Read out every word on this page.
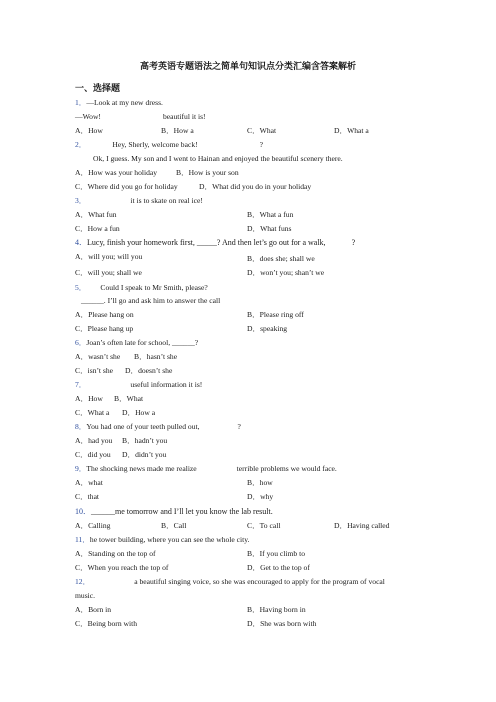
高考英语专题语法之简单句知识点分类汇编含答案解析
一、选择题
1．—Look at my new dress.
—Wow!	beautiful it is!
A．How	B．How a	C．What	D．What a
2．	Hey, Sherly, welcome back!	?
Ok, I guess. My son and I went to Hainan and enjoyed the beautiful scenery there.
A．How was your holiday B．How is your son
C．Where did you go for holiday	D．What did you do in your holiday
3．	it is to skate on real ice!
A．What fun	B．What a fun
C．How a fun	D．What funs
4．Lucy, finish your homework first, _____? And then let’s go out for a walk,	?
A．will you; will you	B．does she; shall we
C．will you; shall we	D．won’t you; shan’t we
5． Could I speak to Mr Smith, please?
______. I’ll go and ask him to answer the call
A．Please hang on	B．Please ring off
C．Please hang up	D．speaking
6．Joan’s often late for school, ______?
A．wasn’t she B．hasn’t she
C．isn’t she D．doesn’t she
7．	useful information it is!
A．How B．What
C．What a D．How a
8．You had one of your teeth pulled out,	?
A．had you B．hadn’t you
C．did you D．didn’t you
9．The shocking news made me realize	terrible problems we would face.
A．what	B．how
C．that	D．why
10．______me tomorrow and I’ll let you know the lab result.
A．Calling	B．Call	C．To call	D．Having called
11．he tower building, where you can see the whole city.
A．Standing on the top of	B．If you climb to
C．When you reach the top of	D．Get to the top of
12．	a beautiful singing voice, so she was encouraged to apply for the program of vocal
music.
A．Born in	B．Having born in
C．Being born with	D．She was born with
